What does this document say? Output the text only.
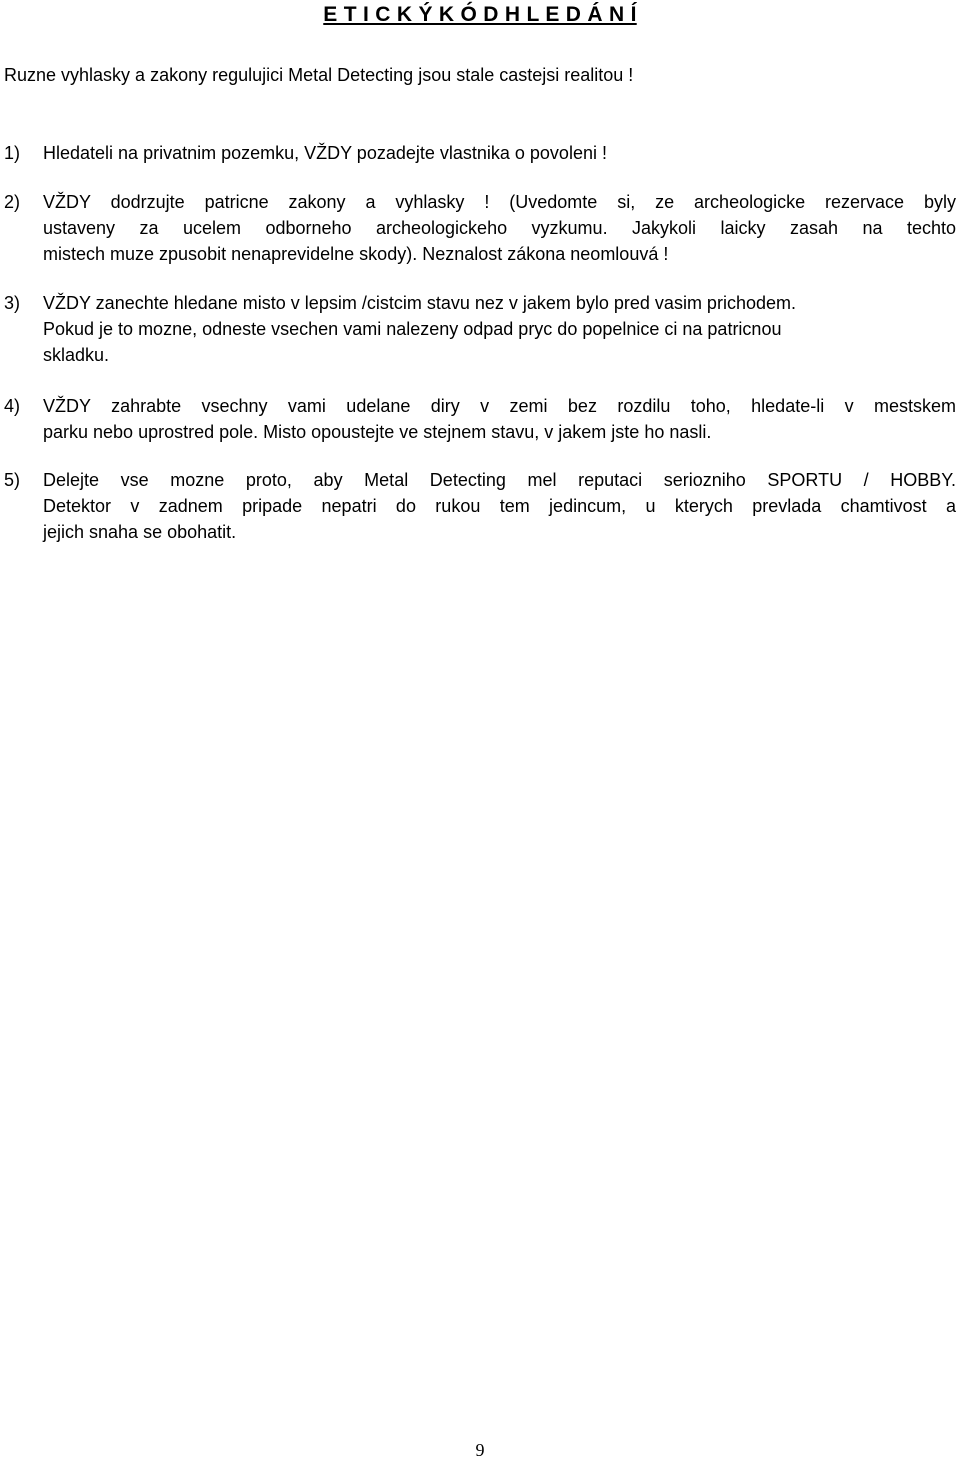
E T I C K Ý K Ó D H L E D Á N Í

Ruzne vyhlasky a zakony regulujici Metal Detecting jsou stale castejsi realitou !

1)	Hledateli na privatnim pozemku, VŽDY pozadejte vlastnika o povoleni !
2)	VŽDY dodrzujte patricne zakony a vyhlasky ! (Uvedomte si, ze archeologicke rezervace byly
ustaveny za ucelem odborneho archeologickeho vyzkumu. Jakykoli laicky zasah na techto
mistech muze zpusobit nenaprevidelne skody). Neznalost zákona neomlouvá !
3)	VŽDY zanechte hledane misto v lepsim /cistcim stavu nez v jakem bylo pred vasim prichodem.
Pokud je to mozne, odneste vsechen vami nalezeny odpad pryc do popelnice ci na patricnou
skladku.
4)	VŽDY zahrabte vsechny vami udelane diry v zemi bez rozdilu toho, hledate-li v mestskem
parku nebo uprostred pole. Misto opoustejte ve stejnem stavu, v jakem jste ho nasli.
5)	Delejte vse mozne proto, aby Metal Detecting mel reputaci seriozniho SPORTU / HOBBY.
Detektor v zadnem pripade nepatri do rukou tem jedincum, u kterych prevlada chamtivost a
jejich snaha se obohatit.

9
